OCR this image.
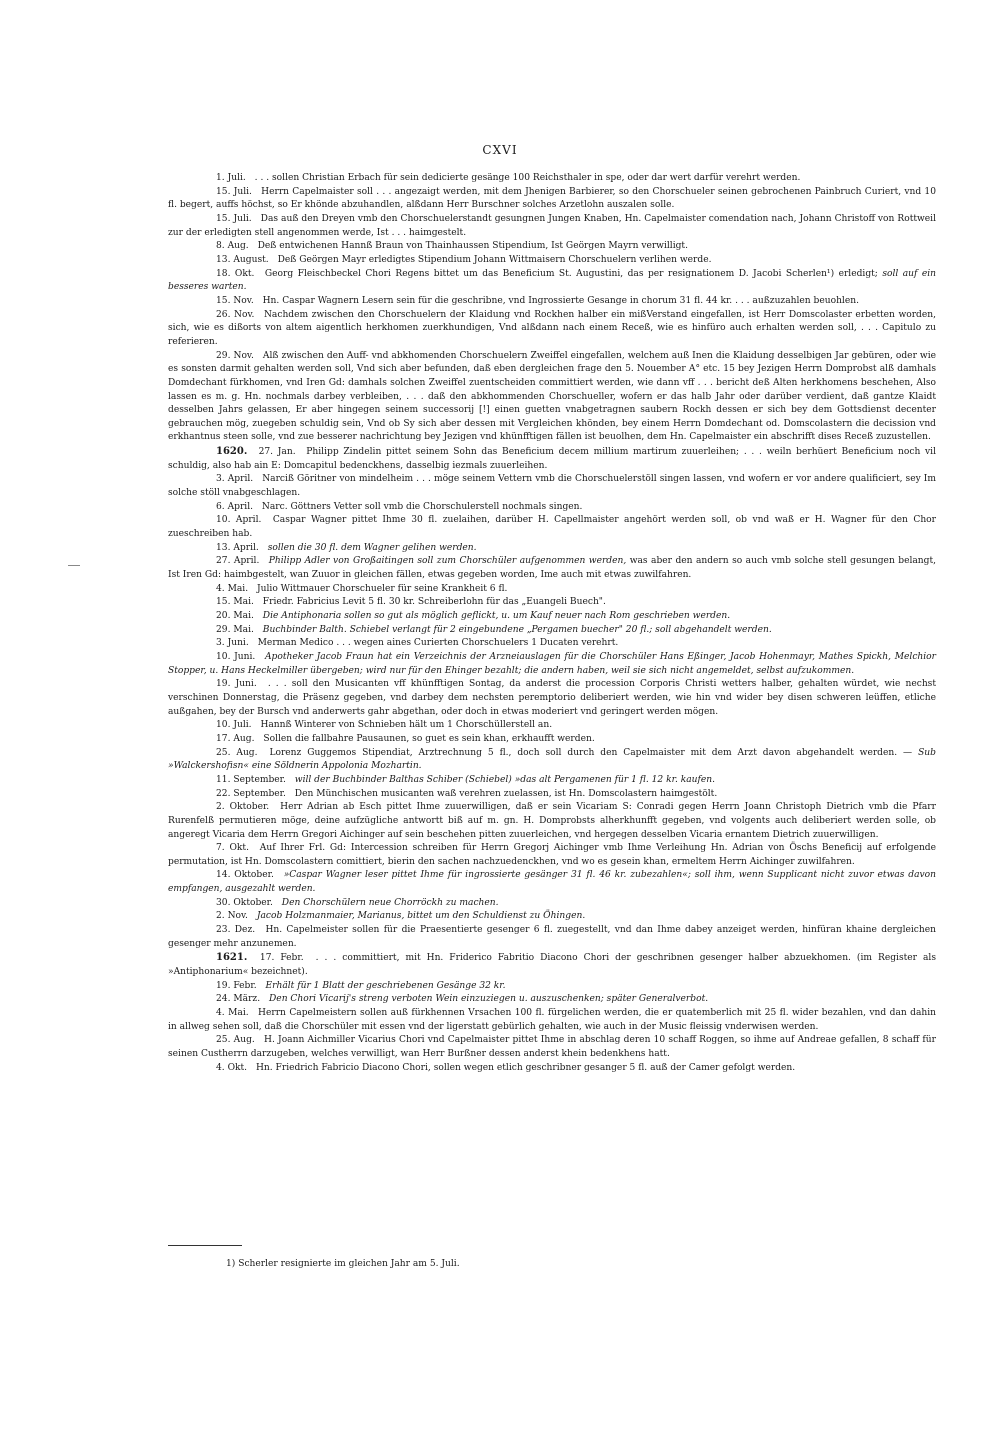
CXVI

1. Juli. . . . sollen Christian Erbach für sein dedicierte gesänge 100 Reichsthaler in spe, oder dar wert darfür verehrt werden.

15. Juli. Herrn Capelmaister soll . . . angezaigt werden, mit dem Jhenigen Barbierer, so den Chorschueler seinen gebrochenen Painbruch Curiert, vnd 10 fl. begert, auffs höchst, so Er khönde abzuhandlen, alßdann Herr Burschner solches Arzetlohn auszalen solle.

15. Juli. Das auß den Dreyen vmb den Chorschuelerstandt gesungnen Jungen Knaben, Hn. Capelmaister comendation nach, Johann Christoff von Rottweil zur der erledigten stell angenommen werde, Ist . . . haimgestelt.

8. Aug. Deß entwichenen Hannß Braun von Thainhaussen Stipendium, Ist Geörgen Mayrn verwilligt.

13. August. Deß Geörgen Mayr erledigtes Stipendium Johann Wittmaisern Chorschuelern verlihen werde.

18. Okt. Georg Fleischbeckel Chori Regens bittet um das Beneficium St. Augustini, das per resignationem D. Jacobi Scherlen¹) erledigt; soll auf ein besseres warten.

15. Nov. Hn. Caspar Wagnern Lesern sein für die geschribne, vnd Ingrossierte Gesange in chorum 31 fl. 44 kr. . . . außzuzahlen beuohlen.

26. Nov. Nachdem zwischen den Chorschuelern der Klaidung vnd Rockhen halber ein mißVerstand eingefallen, ist Herr Domscolaster erbetten worden, sich, wie es dißorts von altem aigentlich herkhomen zuerkhundigen, Vnd alßdann nach einem Receß, wie es hinfüro auch erhalten werden soll, . . . Capitulo zu referieren.

29. Nov. Alß zwischen den Auff- vnd abkhomenden Chorschuelern Zweiffel eingefallen, welchem auß Inen die Klaidung desselbigen Jar gebüren, oder wie es sonsten darmit gehalten werden soll, Vnd sich aber befunden, daß eben dergleichen frage den 5. Nouember A° etc. 15 bey Jezigen Herrn Domprobst alß damhals Domdechant fürkhomen, vnd Iren Gd: damhals solchen Zweiffel zuentscheiden committiert werden, wie dann vff . . . bericht deß Alten herkhomens beschehen, Also lassen es m. g. Hn. nochmals darbey verbleiben, . . . daß den abkhommenden Chorschueller, wofern er das halb Jahr oder darüber verdient, daß gantze Klaidt desselben Jahrs gelassen, Er aber hingegen seinem successorij [!] einen guetten vnabgetragnen saubern Rockh dessen er sich bey dem Gottsdienst decenter gebrauchen mög, zuegeben schuldig sein, Vnd ob Sy sich aber dessen mit Vergleichen khönden, bey einem Herrn Domdechant od. Domscolastern die decission vnd erkhantnus steen solle, vnd zue besserer nachrichtung bey Jezigen vnd khünfftigen fällen ist beuolhen, dem Hn. Capelmaister ein abschrifft dises Receß zuzustellen.

1620. 27. Jan. Philipp Zindelin pittet seinem Sohn das Beneficium decem millium martirum zuuerleihen; . . . weiln berhüert Beneficium noch vil schuldig, also hab ain E: Domcapitul bedenckhens, dasselbig iezmals zuuerleihen.

3. April. Narciß Göritner von mindelheim . . . möge seinem Vettern vmb die Chorschuelerstöll singen lassen, vnd wofern er vor andere qualificiert, sey Im solche stöll vnabgeschlagen.

6. April. Narc. Göttners Vetter soll vmb die Chorschulerstell nochmals singen.

10. April. Caspar Wagner pittet Ihme 30 fl. zuelaihen, darüber H. Capellmaister angehört werden soll, ob vnd waß er H. Wagner für den Chor zueschreiben hab.

13. April. sollen die 30 fl. dem Wagner gelihen werden.

27. April. Philipp Adler von Großaitingen soll zum Chorschüler aufgenommen werden, was aber den andern so auch vmb solche stell gesungen belangt, Ist Iren Gd: haimbgestelt, wan Zuuor in gleichen fällen, etwas gegeben worden, Ime auch mit etwas zuwilfahren.

4. Mai. Julio Wittmauer Chorschueler für seine Krankheit 6 fl.

15. Mai. Friedr. Fabricius Levit 5 fl. 30 kr. Schreiberlohn für das „Euangeli Buech".

20. Mai. Die Antiphonaria sollen so gut als möglich geflickt, u. um Kauf neuer nach Rom geschrieben werden.

29. Mai. Buchbinder Balth. Schiebel verlangt für 2 eingebundene „Pergamen buecher" 20 fl.; soll abgehandelt werden.

3. Juni. Merman Medico . . . wegen aines Curierten Chorschuelers 1 Ducaten verehrt.

10. Juni. Apotheker Jacob Fraun hat ein Verzeichnis der Arzneiauslagen für die Chorschüler Hans Eßinger, Jacob Hohenmayr, Mathes Spickh, Melchior Stopper, u. Hans Heckelmiller übergeben; wird nur für den Ehinger bezahlt; die andern haben, weil sie sich nicht angemeldet, selbst aufzukommen.

19. Juni. . . . soll den Musicanten vff khünfftigen Sontag, da anderst die procession Corporis Christi wetters halber, gehalten würdet, wie nechst verschinen Donnerstag, die Präsenz gegeben, vnd darbey dem nechsten peremptorio deliberiert werden, wie hin vnd wider bey disen schweren leüffen, etliche außgahen, bey der Bursch vnd anderwerts gahr abgethan, oder doch in etwas moderiert vnd geringert werden mögen.

10. Juli. Hannß Winterer von Schnieben hält um 1 Chorschüllerstell an.

17. Aug. Sollen die fallbahre Pausaunen, so guet es sein khan, erkhaufft werden.

25. Aug. Lorenz Guggemos Stipendiat, Arztrechnung 5 fl., doch soll durch den Capelmaister mit dem Arzt davon abgehandelt werden. — Sub »Walckershofisn« eine Söldnerin Appolonia Mozhartin.

11. September. will der Buchbinder Balthas Schiber (Schiebel) »das alt Pergamenen für 1 fl. 12 kr. kaufen.

22. September. Den Münchischen musicanten waß verehren zuelassen, ist Hn. Domscolastern haimgestölt.

2. Oktober. Herr Adrian ab Esch pittet Ihme zuuerwilligen, daß er sein Vicariam S: Conradi gegen Herrn Joann Christoph Dietrich vmb die Pfarr Rurenfelß permutieren möge, deine aufzügliche antwortt biß auf m. gn. H. Domprobsts alherkhunfft gegeben, vnd volgents auch deliberiert werden solle, ob angeregt Vicaria dem Herrn Gregori Aichinger auf sein beschehen pitten zuuerleichen, vnd hergegen desselben Vicaria ernantem Dietrich zuuerwilligen.

7. Okt. Auf Ihrer Frl. Gd: Intercession schreiben für Herrn Gregorj Aichinger vmb Ihme Verleihung Hn. Adrian von Öschs Beneficij auf erfolgende permutation, ist Hn. Domscolastern comittiert, bierin den sachen nachzuedenckhen, vnd wo es gesein khan, ermeltem Herrn Aichinger zuwilfahren.

14. Oktober. »Caspar Wagner leser pittet Ihme für ingrossierte gesänger 31 fl. 46 kr. zubezahlen«; soll ihm, wenn Supplicant nicht zuvor etwas davon empfangen, ausgezahlt werden.

30. Oktober. Den Chorschülern neue Chorröckh zu machen.

2. Nov. Jacob Holzmanmaier, Marianus, bittet um den Schuldienst zu Öhingen.

23. Dez. Hn. Capelmeister sollen für die Praesentierte gesenger 6 fl. zuegestellt, vnd dan Ihme dabey anzeiget werden, hinfüran khaine dergleichen gesenger mehr anzunemen.

1621. 17. Febr. . . . committiert, mit Hn. Friderico Fabritio Diacono Chori der geschribnen gesenger halber abzuekhomen. (im Register als »Antiphonarium« bezeichnet).

19. Febr. Erhält für 1 Blatt der geschriebenen Gesänge 32 kr.

24. März. Den Chori Vicarij's streng verboten Wein einzuziegen u. auszuschenken; später Generalverbot.

4. Mai. Herrn Capelmeistern sollen auß fürkhennen Vrsachen 100 fl. fürgelichen werden, die er quatemberlich mit 25 fl. wider bezahlen, vnd dan dahin in allweg sehen soll, daß die Chorschüler mit essen vnd der ligerstatt gebürlich gehalten, wie auch in der Music fleissig vnderwisen werden.

25. Aug. H. Joann Aichmiller Vicarius Chori vnd Capelmaister pittet Ihme in abschlag deren 10 schaff Roggen, so ihme auf Andreae gefallen, 8 schaff für seinen Custherrn darzugeben, welches verwilligt, wan Herr Burßner dessen anderst khein bedenkhens hatt.

4. Okt. Hn. Friedrich Fabricio Diacono Chori, sollen wegen etlich geschribner gesanger 5 fl. auß der Camer gefolgt werden.

1) Scherler resignierte im gleichen Jahr am 5. Juli.
